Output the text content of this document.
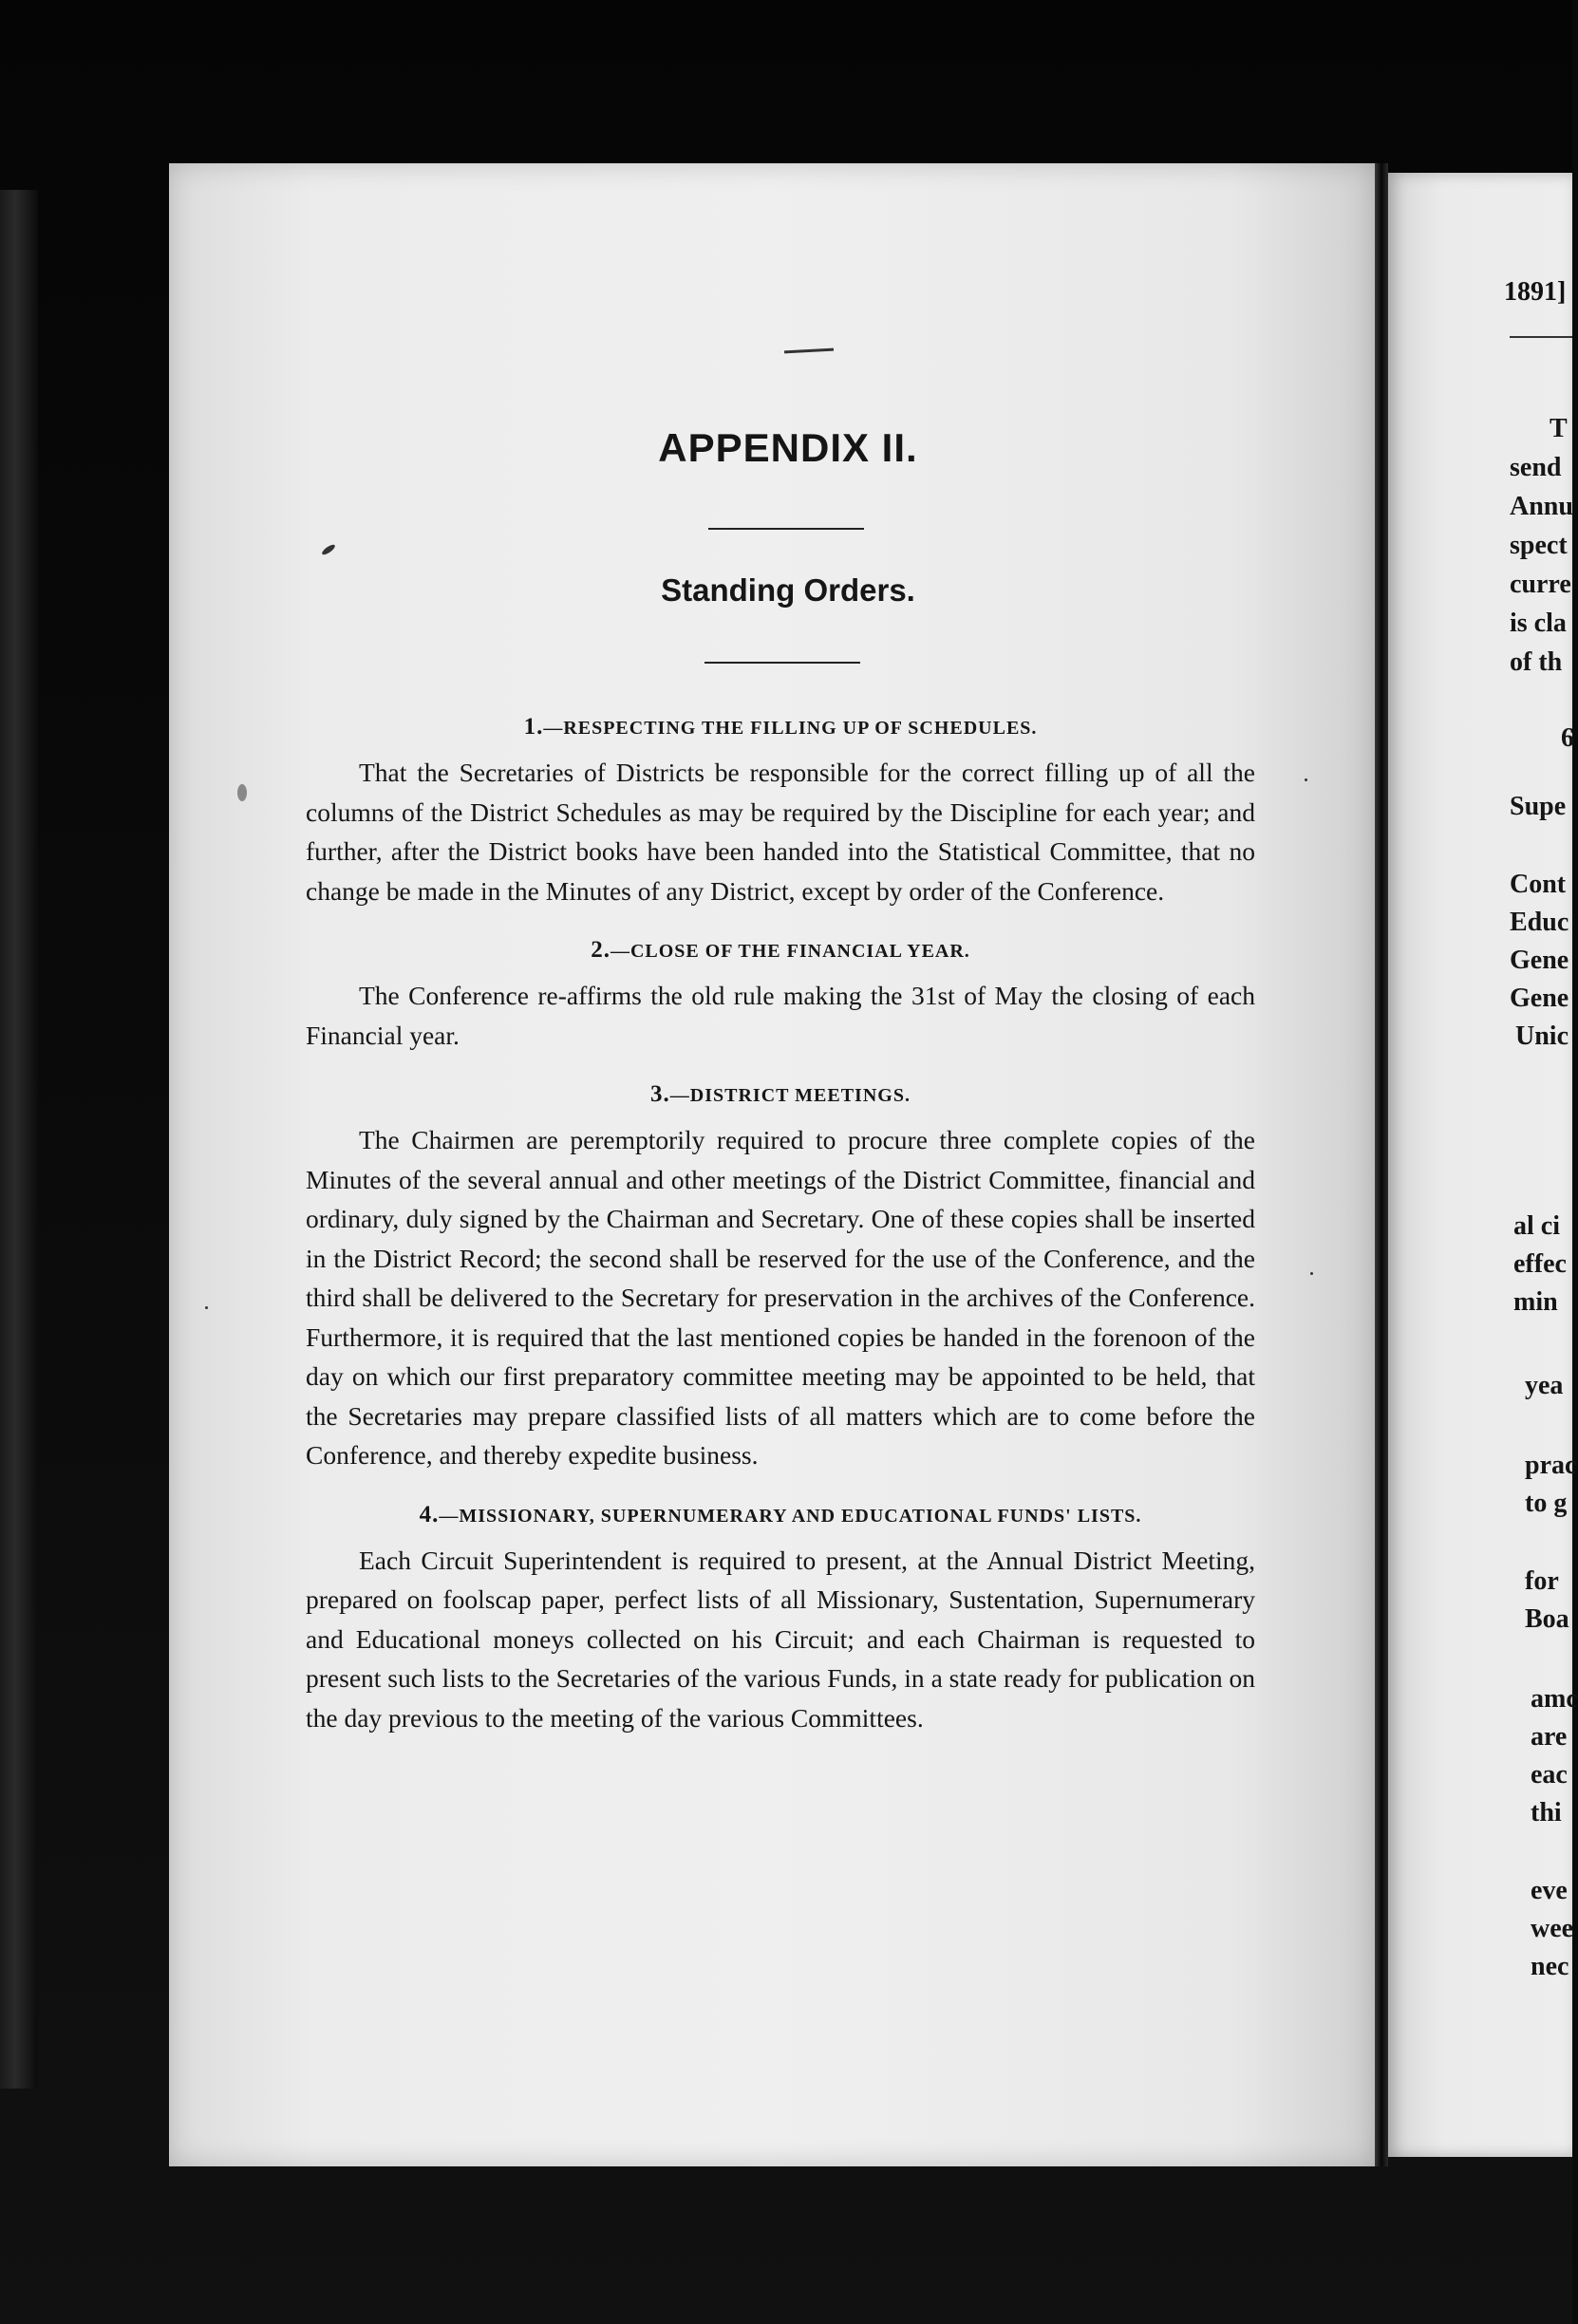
APPENDIX II.
Standing Orders.
1.—RESPECTING THE FILLING UP OF SCHEDULES.

That the Secretaries of Districts be responsible for the correct filling up of all the columns of the District Schedules as may be required by the Discipline for each year; and further, after the District books have been handed into the Statistical Committee, that no change be made in the Minutes of any District, except by order of the Conference.

2.—CLOSE OF THE FINANCIAL YEAR.

The Conference re-affirms the old rule making the 31st of May the closing of each Financial year.

3.—DISTRICT MEETINGS.

The Chairmen are peremptorily required to procure three complete copies of the Minutes of the several annual and other meetings of the District Committee, financial and ordinary, duly signed by the Chairman and Secretary. One of these copies shall be inserted in the District Record; the second shall be reserved for the use of the Conference, and the third shall be delivered to the Secretary for preservation in the archives of the Conference. Furthermore, it is required that the last mentioned copies be handed in the forenoon of the day on which our first preparatory committee meeting may be appointed to be held, that the Secretaries may prepare classified lists of all matters which are to come before the Conference, and thereby expedite business.

4.—MISSIONARY, SUPERNUMERARY AND EDUCATIONAL FUNDS' LISTS.

Each Circuit Superintendent is required to present, at the Annual District Meeting, prepared on foolscap paper, perfect lists of all Missionary, Sustentation, Supernumerary and Educational moneys collected on his Circuit; and each Chairman is requested to present such lists to the Secretaries of the various Funds, in a state ready for publication on the day previous to the meeting of the various Committees.

1891]
T
send
Annu
spect
curre
is cla
of th
6
Supe
Cont
Educ
Gene
Gene
Unic
al ci
effec
min
yea
prac
to g
for
Boa
amc
are
eac
thi
eve
wee
nec
